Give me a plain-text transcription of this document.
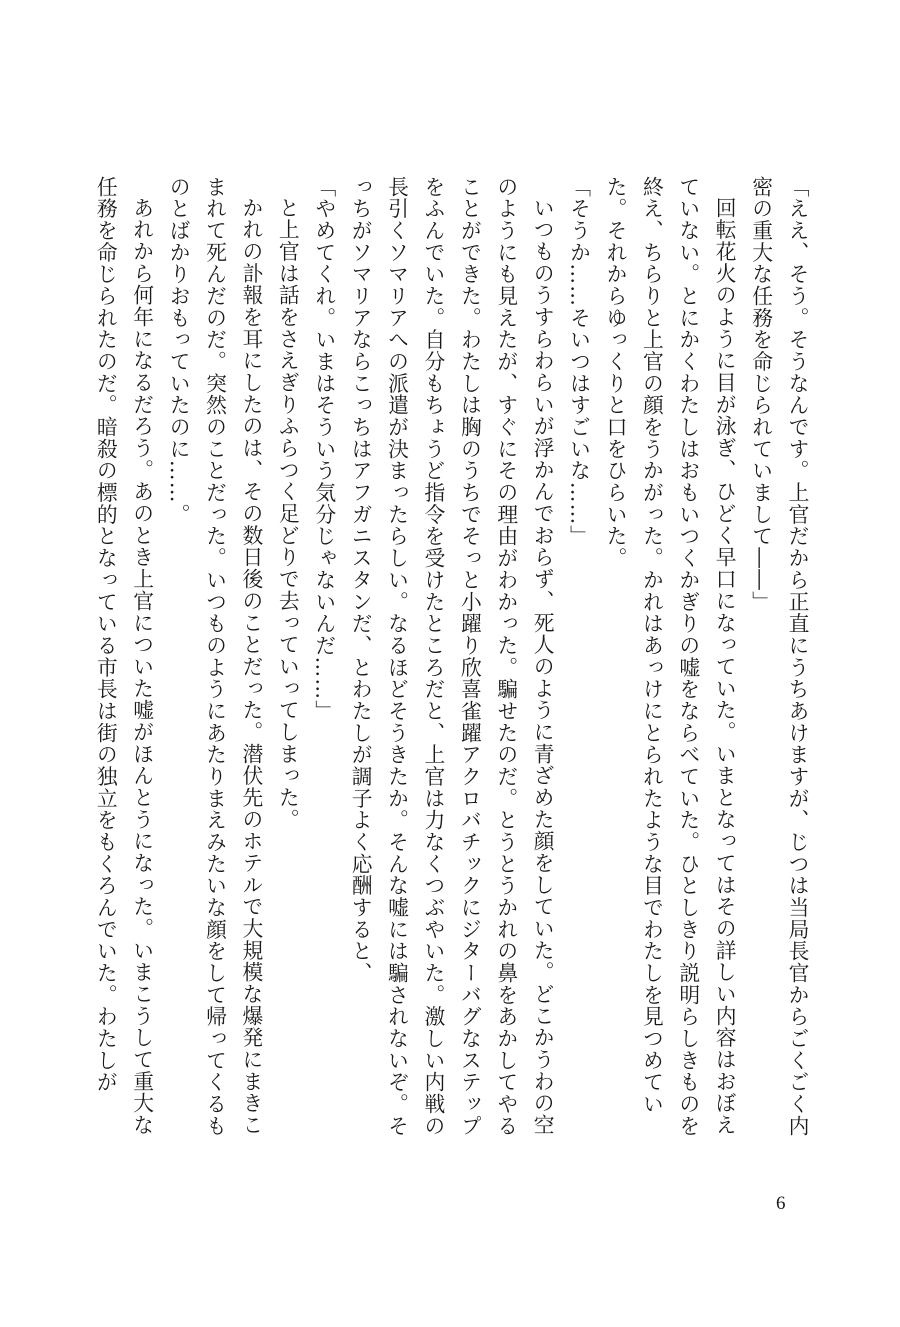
「ええ、そう。そうなんです。上官だから正直にうちあけますが、じつは当局長官からごくごく内密の重大な任務を命じられていまして――」

回転花火のように目が泳ぎ、ひどく早口になっていた。いまとなってはその詳しい内容はおぼえていない。とにかくわたしはおもいつくかぎりの嘘をならべていた。ひとしきり説明らしきものを終え、ちらりと上官の顔をうかがった。かれはあっけにとられたような目でわたしを見つめていた。それからゆっくりと口をひらいた。

「そうか……そいつはすごいな……」

いつものうすらわらいが浮かんでおらず、死人のように青ざめた顔をしていた。どこかうわの空のようにも見えたが、すぐにその理由がわかった。騙せたのだ。とうとうかれの鼻をあかしてやることができた。わたしは胸のうちでそっと小躍り欣喜雀躍アクロバチックにジターバグなステップをふんでいた。自分もちょうど指令を受けたところだと、上官は力なくつぶやいた。激しい内戦の長引くソマリアへの派遣が決まったらしい。なるほどそうきたか。そんな嘘には騙されないぞ。そっちがソマリアならこっちはアフガニスタンだ、とわたしが調子よく応酬すると、

「やめてくれ。いまはそういう気分じゃないんだ……」

と上官は話をさえぎりふらつく足どりで去っていってしまった。

かれの訃報を耳にしたのは、その数日後のことだった。潜伏先のホテルで大規模な爆発にまきこまれて死んだのだ。突然のことだった。いつものようにあたりまえみたいな顔をして帰ってくるものとばかりおもっていたのに……。

あれから何年になるだろう。あのとき上官についた嘘がほんとうになった。いまこうして重大な任務を命じられたのだ。暗殺の標的となっている市長は街の独立をもくろんでいた。わたしが

6
